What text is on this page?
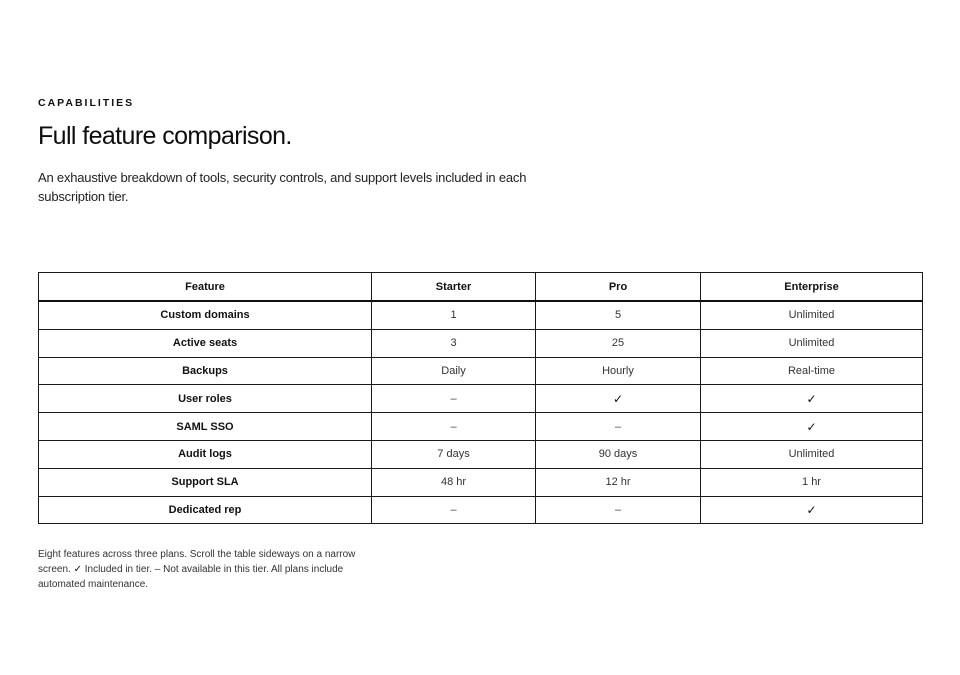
CAPABILITIES
Full feature comparison.

An exhaustive breakdown of tools, security controls, and support levels included in each subscription tier.

Feature	Starter	Pro	Enterprise
Custom domains	1	5	Unlimited
Active seats	3	25	Unlimited
Backups	Daily	Hourly	Real-time
User roles	–	✓	✓
SAML SSO	–	–	✓
Audit logs	7 days	90 days	Unlimited
Support SLA	48 hr	12 hr	1 hr
Dedicated rep	–	–	✓

Eight features across three plans. Scroll the table sideways on a narrow screen. ✓ Included in tier. – Not available in this tier. All plans include automated maintenance.
